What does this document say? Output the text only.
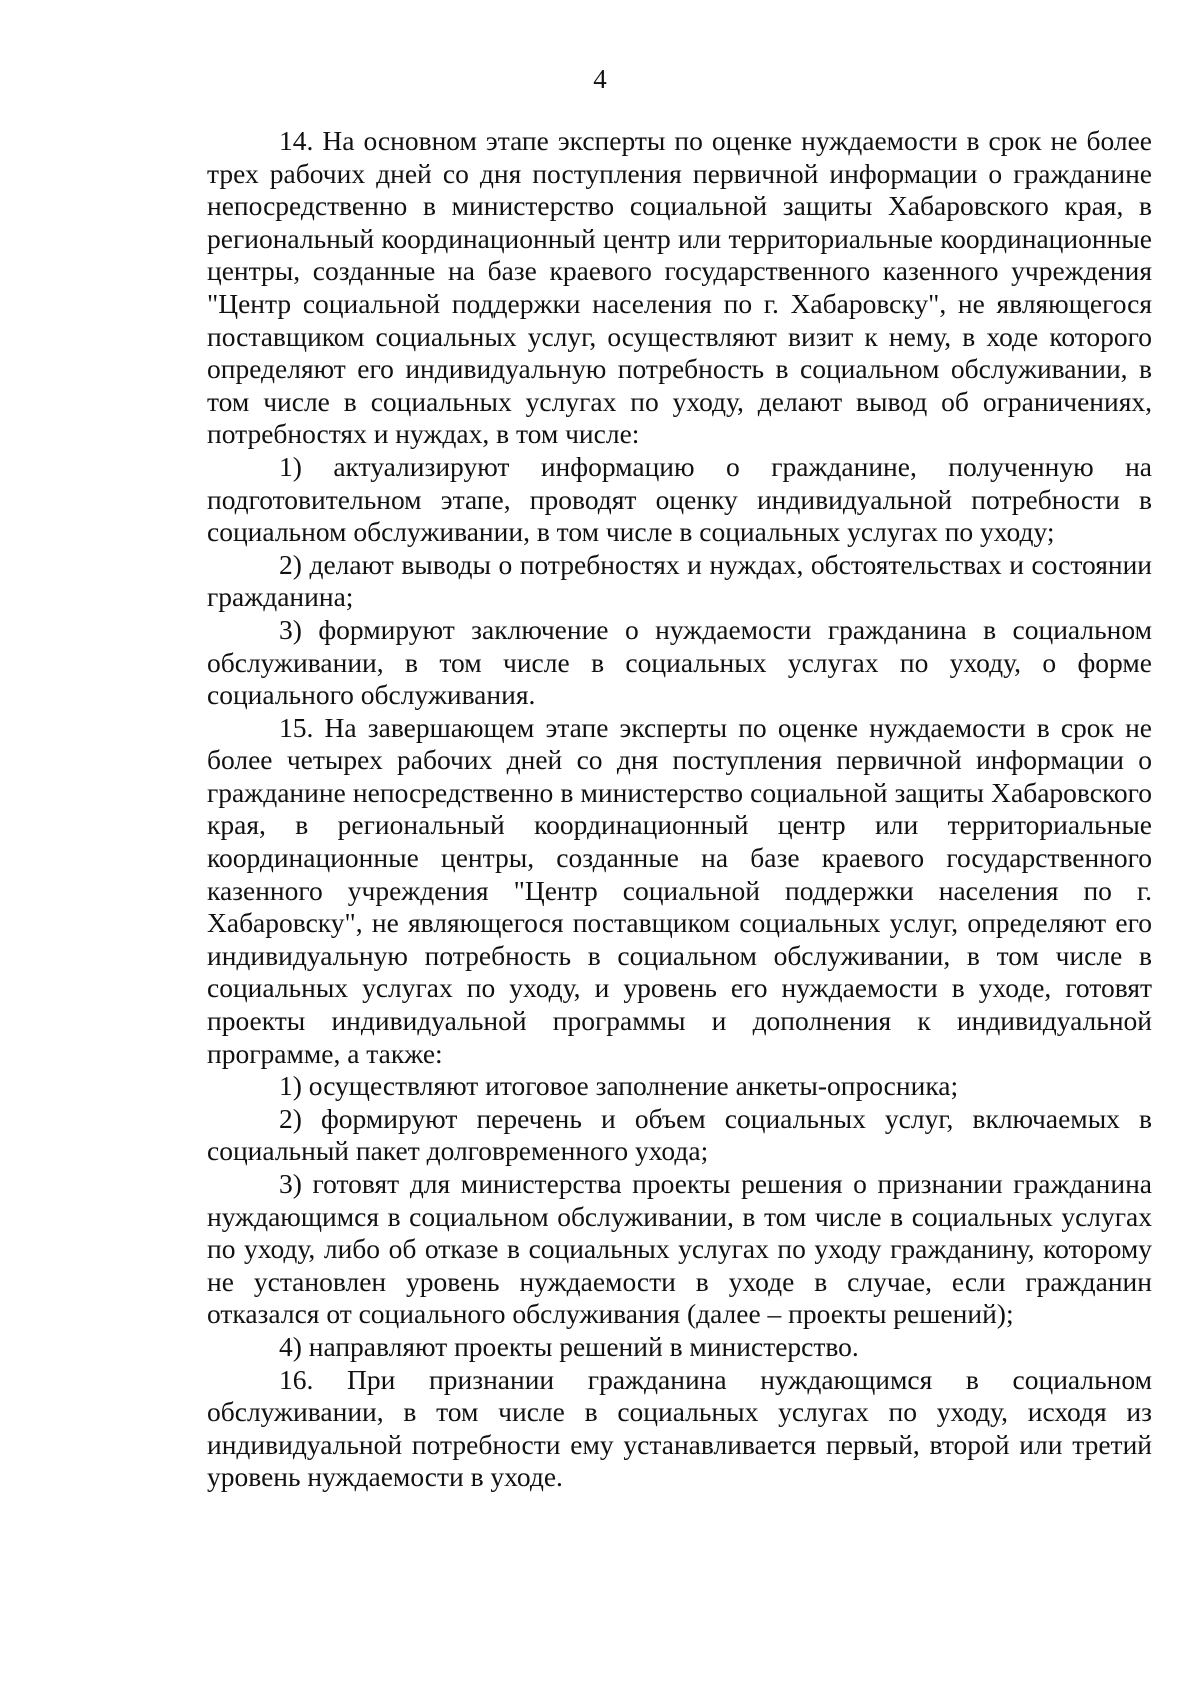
4

14. На основном этапе эксперты по оценке нуждаемости в срок не более трех рабочих дней со дня поступления первичной информации о гражданине непосредственно в министерство социальной защиты Хабаровского края, в региональный координационный центр или территориальные координационные центры, созданные на базе краевого государственного казенного учреждения "Центр социальной поддержки населения по г. Хабаровску", не являющегося поставщиком социальных услуг, осуществляют визит к нему, в ходе которого определяют его индивидуальную потребность в социальном обслуживании, в том числе в социальных услугах по уходу, делают вывод об ограничениях, потребностях и нуждах, в том числе:

1) актуализируют информацию о гражданине, полученную на подготовительном этапе, проводят оценку индивидуальной потребности в социальном обслуживании, в том числе в социальных услугах по уходу;

2) делают выводы о потребностях и нуждах, обстоятельствах и состоянии гражданина;

3) формируют заключение о нуждаемости гражданина в социальном обслуживании, в том числе в социальных услугах по уходу, о форме социального обслуживания.

15. На завершающем этапе эксперты по оценке нуждаемости в срок не более четырех рабочих дней со дня поступления первичной информации о гражданине непосредственно в министерство социальной защиты Хабаровского края, в региональный координационный центр или территориальные координационные центры, созданные на базе краевого государственного казенного учреждения "Центр социальной поддержки населения по г. Хабаровску", не являющегося поставщиком социальных услуг, определяют его индивидуальную потребность в социальном обслуживании, в том числе в социальных услугах по уходу, и уровень его нуждаемости в уходе, готовят проекты индивидуальной программы и дополнения к индивидуальной программе, а также:

1) осуществляют итоговое заполнение анкеты-опросника;

2) формируют перечень и объем социальных услуг, включаемых в социальный пакет долговременного ухода;

3) готовят для министерства проекты решения о признании гражданина нуждающимся в социальном обслуживании, в том числе в социальных услугах по уходу, либо об отказе в социальных услугах по уходу гражданину, которому не установлен уровень нуждаемости в уходе в случае, если гражданин отказался от социального обслуживания (далее – проекты решений);

4) направляют проекты решений в министерство.

16. При признании гражданина нуждающимся в социальном обслуживании, в том числе в социальных услугах по уходу, исходя из индивидуальной потребности ему устанавливается первый, второй или третий уровень нуждаемости в уходе.
